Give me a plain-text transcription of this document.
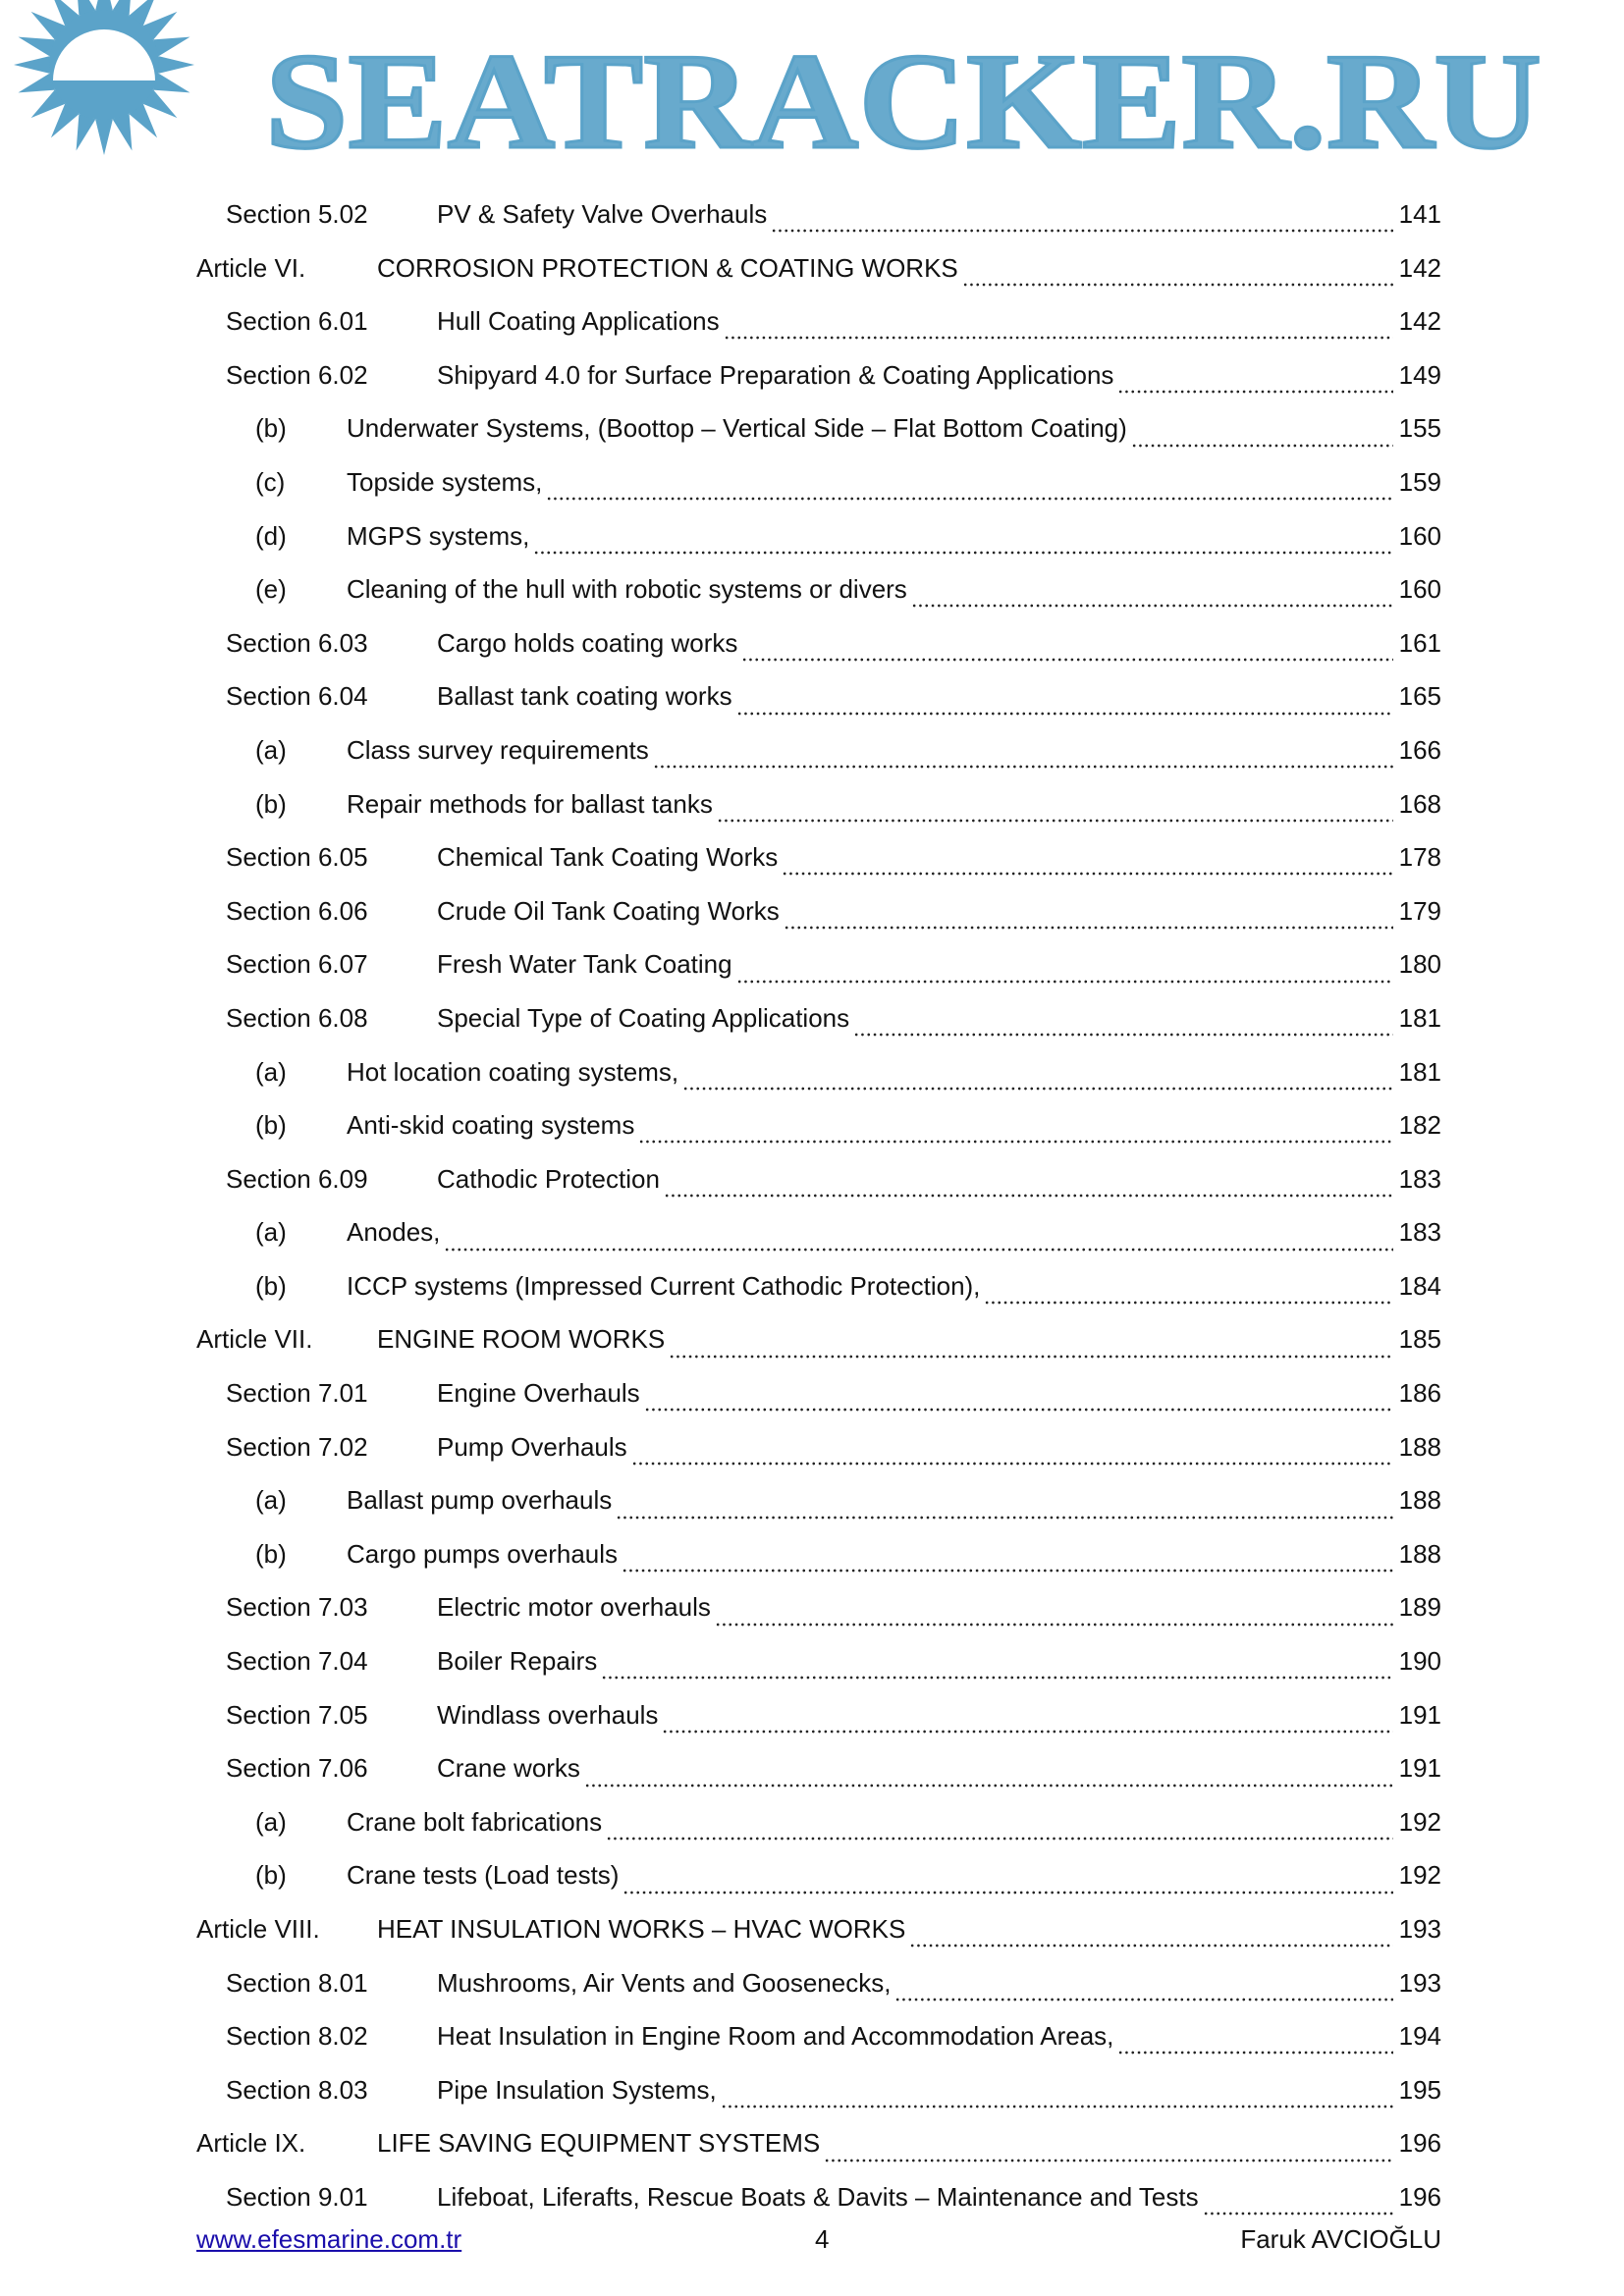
Section 5.02	PV & Safety Valve Overhauls	141
Article VI.	CORROSION PROTECTION & COATING WORKS	142
Section 6.01	Hull Coating Applications	142
Section 6.02	Shipyard 4.0 for Surface Preparation & Coating Applications	149
(b) Underwater Systems, (Boottop – Vertical Side – Flat Bottom Coating)	155
(c) Topside systems,	159
(d) MGPS systems,	160
(e) Cleaning of the hull with robotic systems or divers	160
Section 6.03	Cargo holds coating works	161
Section 6.04	Ballast tank coating works	165
(a) Class survey requirements	166
(b) Repair methods for ballast tanks	168
Section 6.05	Chemical Tank Coating Works	178
Section 6.06	Crude Oil Tank Coating Works	179
Section 6.07	Fresh Water Tank Coating	180
Section 6.08	Special Type of Coating Applications	181
(a) Hot location coating systems,	181
(b) Anti-skid coating systems	182
Section 6.09	Cathodic Protection	183
(a) Anodes,	183
(b) ICCP systems (Impressed Current Cathodic Protection),	184
Article VII.	ENGINE ROOM WORKS	185
Section 7.01	Engine Overhauls	186
Section 7.02	Pump Overhauls	188
(a) Ballast pump overhauls	188
(b) Cargo pumps overhauls	188
Section 7.03	Electric motor overhauls	189
Section 7.04	Boiler Repairs	190
Section 7.05	Windlass overhauls	191
Section 7.06	Crane works	191
(a) Crane bolt fabrications	192
(b) Crane tests (Load tests)	192
Article VIII. HEAT INSULATION WORKS – HVAC WORKS	193
Section 8.01	Mushrooms, Air Vents and Goosenecks,	193
Section 8.02	Heat Insulation in Engine Room and Accommodation Areas,	194
Section 8.03	Pipe Insulation Systems,	195
Article IX.	LIFE SAVING EQUIPMENT SYSTEMS	196
Section 9.01	Lifeboat, Liferafts, Rescue Boats & Davits – Maintenance and Tests	196
www.efesmarine.com.tr	4	Faruk AVCIOĞLU
SEATRACKER.RU
